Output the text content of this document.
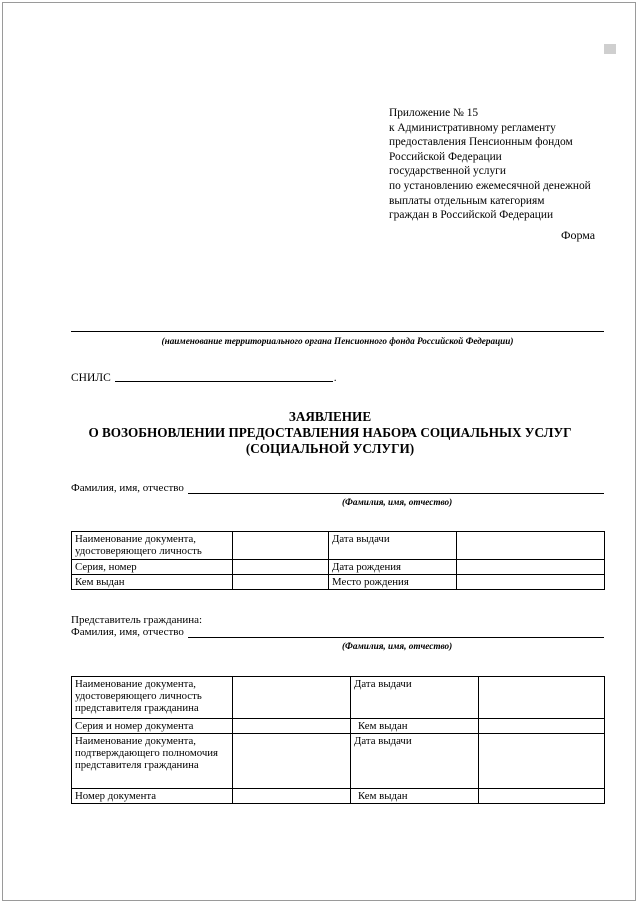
Приложение № 15
к Административному регламенту
предоставления Пенсионным фондом
Российской Федерации
государственной услуги
по установлению ежемесячной денежной
выплаты отдельным категориям
граждан в Российской Федерации
Форма
(наименование территориального органа Пенсионного фонда Российской Федерации)
СНИЛС	.
ЗАЯВЛЕНИЕ
О ВОЗОБНОВЛЕНИИ ПРЕДОСТАВЛЕНИЯ НАБОРА СОЦИАЛЬНЫХ УСЛУГ
(СОЦИАЛЬНОЙ УСЛУГИ)
Фамилия, имя, отчество
(Фамилия, имя, отчество)
Наименование документа, удостоверяющего личность		Дата выдачи	
Серия, номер		Дата рождения	
Кем выдан		Место рождения	
Представитель гражданина:
Фамилия, имя, отчество
(Фамилия, имя, отчество)
Наименование документа, удостоверяющего личность представителя гражданина		Дата выдачи	
Серия и номер документа		Кем выдан	
Наименование документа, подтверждающего полномочия представителя гражданина		Дата выдачи	
Номер документа		Кем выдан	
